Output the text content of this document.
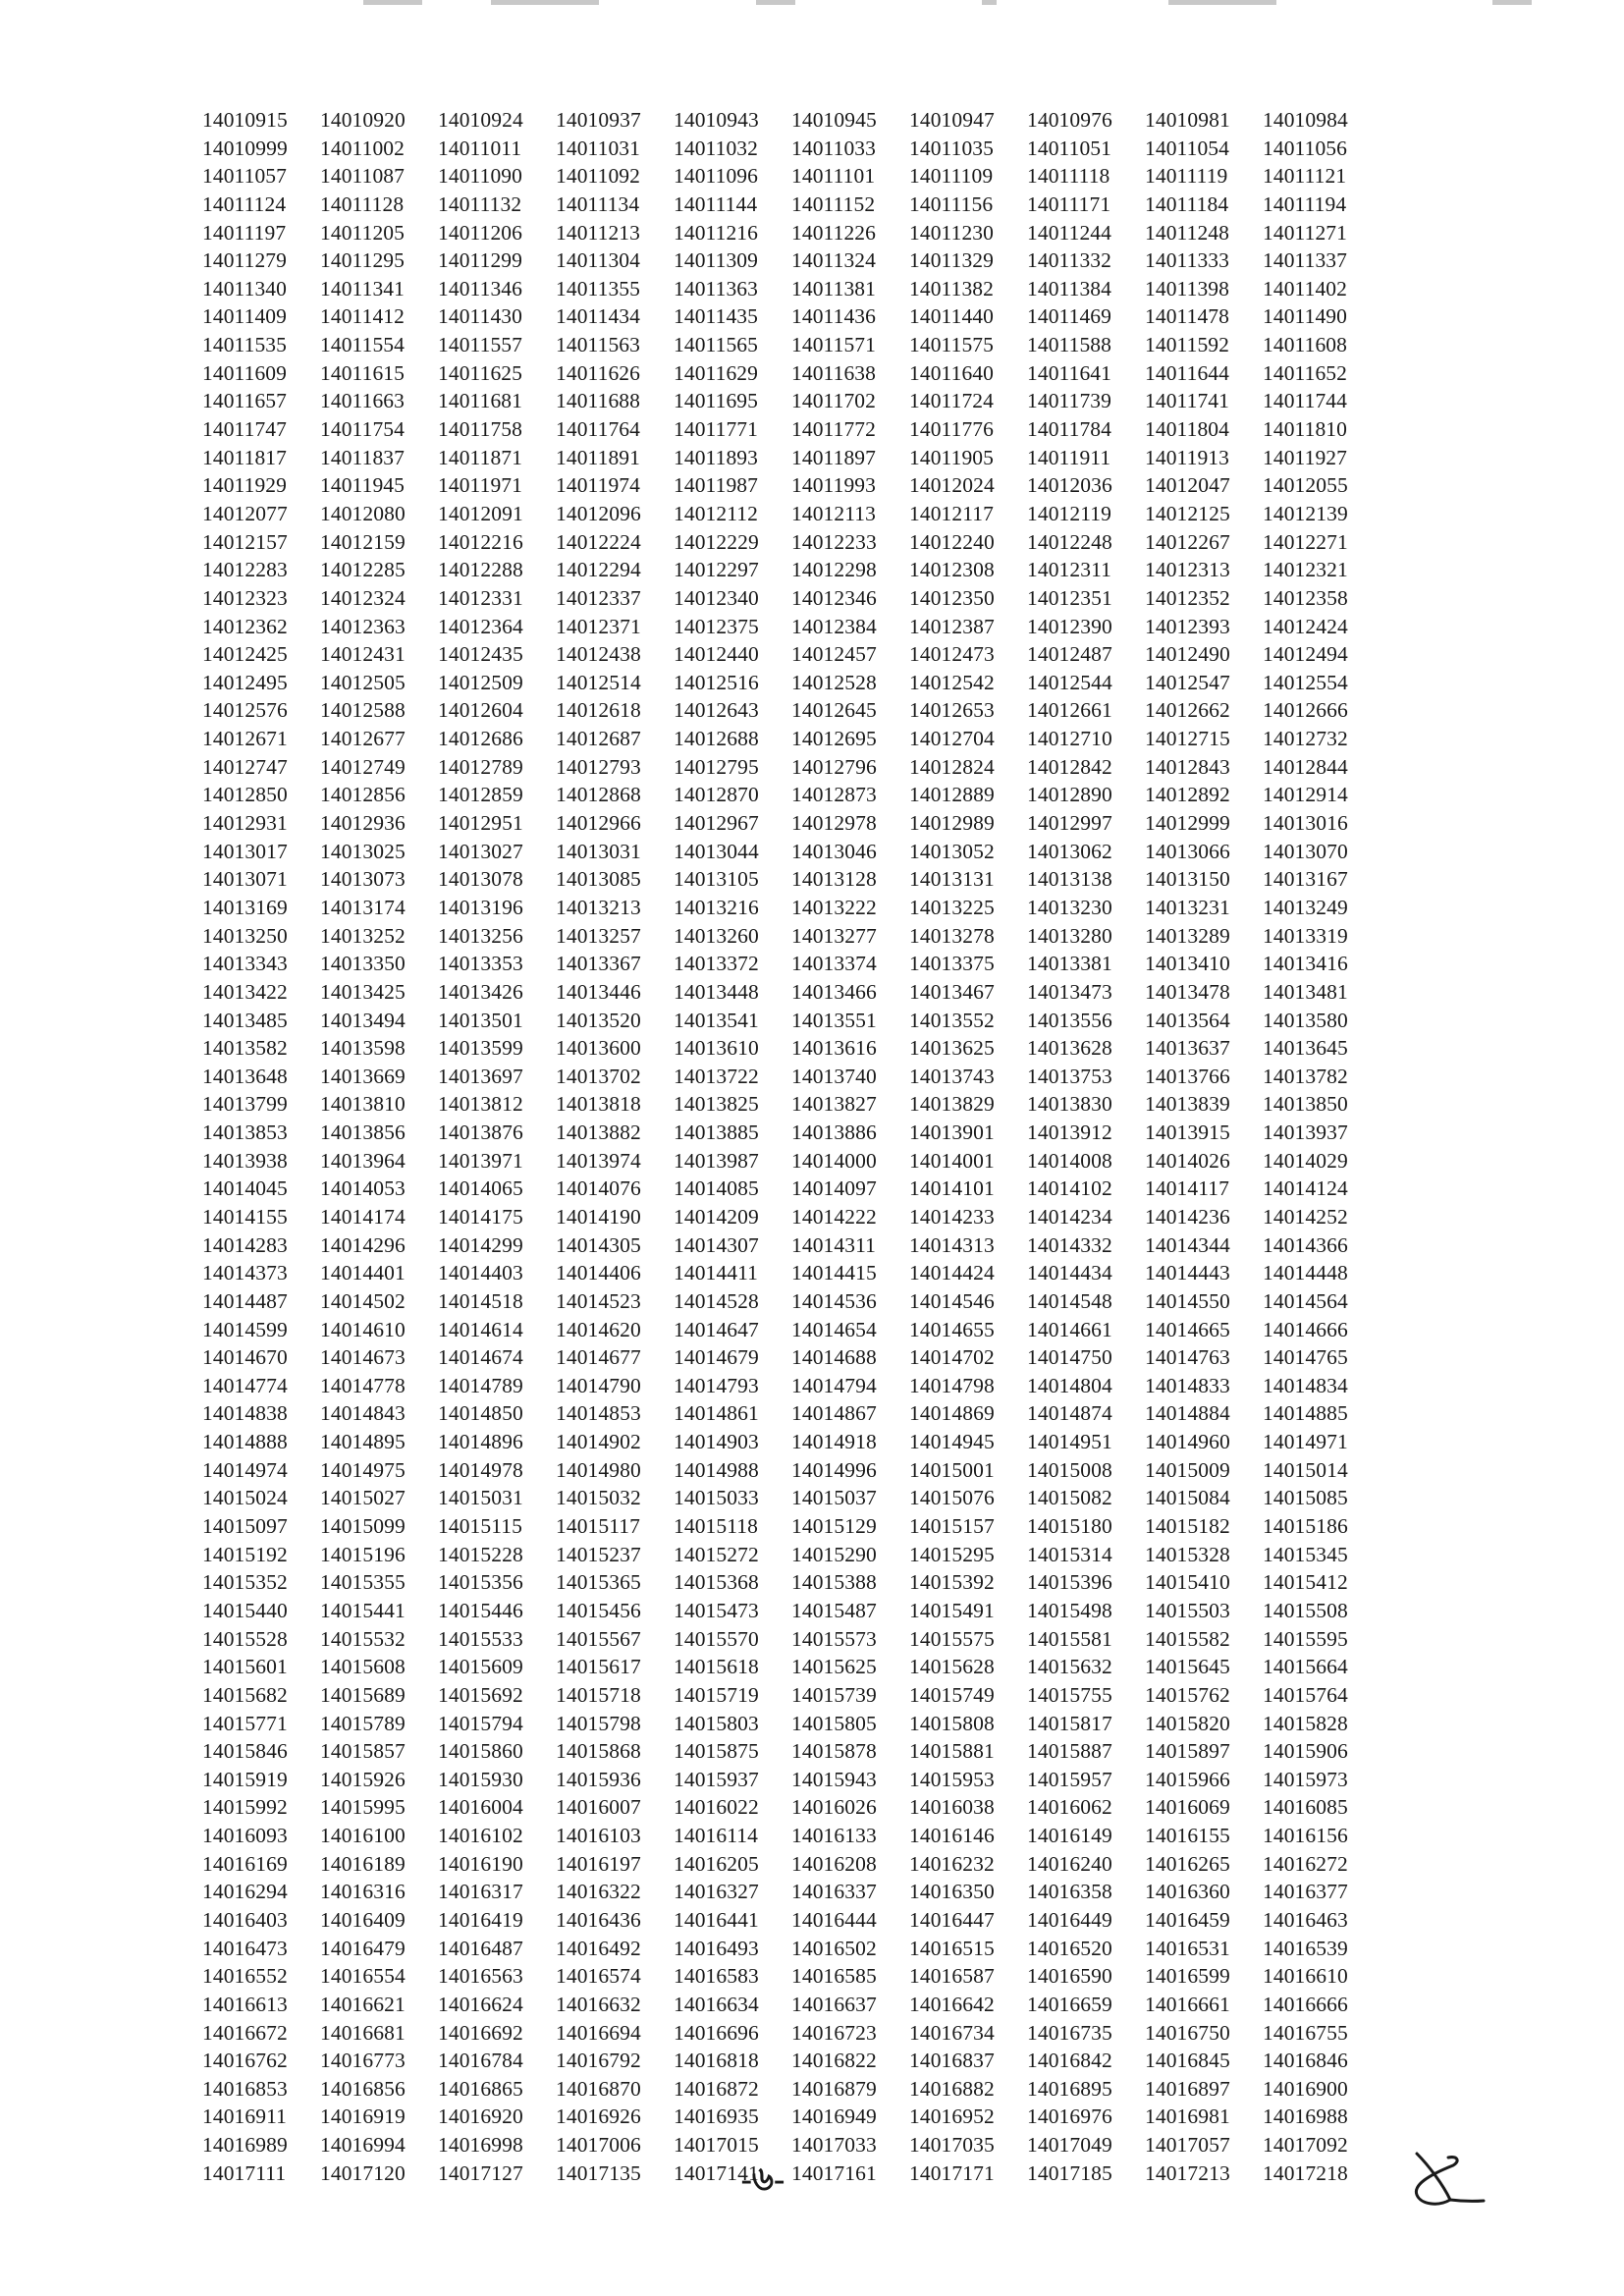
14010915	14010920	14010924	14010937	14010943	14010945	14010947	14010976	14010981	14010984
14010999	14011002	14011011	14011031	14011032	14011033	14011035	14011051	14011054	14011056
14011057	14011087	14011090	14011092	14011096	14011101	14011109	14011118	14011119	14011121
14011124	14011128	14011132	14011134	14011144	14011152	14011156	14011171	14011184	14011194
14011197	14011205	14011206	14011213	14011216	14011226	14011230	14011244	14011248	14011271
14011279	14011295	14011299	14011304	14011309	14011324	14011329	14011332	14011333	14011337
14011340	14011341	14011346	14011355	14011363	14011381	14011382	14011384	14011398	14011402
14011409	14011412	14011430	14011434	14011435	14011436	14011440	14011469	14011478	14011490
14011535	14011554	14011557	14011563	14011565	14011571	14011575	14011588	14011592	14011608
14011609	14011615	14011625	14011626	14011629	14011638	14011640	14011641	14011644	14011652
14011657	14011663	14011681	14011688	14011695	14011702	14011724	14011739	14011741	14011744
14011747	14011754	14011758	14011764	14011771	14011772	14011776	14011784	14011804	14011810
14011817	14011837	14011871	14011891	14011893	14011897	14011905	14011911	14011913	14011927
14011929	14011945	14011971	14011974	14011987	14011993	14012024	14012036	14012047	14012055
14012077	14012080	14012091	14012096	14012112	14012113	14012117	14012119	14012125	14012139
14012157	14012159	14012216	14012224	14012229	14012233	14012240	14012248	14012267	14012271
14012283	14012285	14012288	14012294	14012297	14012298	14012308	14012311	14012313	14012321
14012323	14012324	14012331	14012337	14012340	14012346	14012350	14012351	14012352	14012358
14012362	14012363	14012364	14012371	14012375	14012384	14012387	14012390	14012393	14012424
14012425	14012431	14012435	14012438	14012440	14012457	14012473	14012487	14012490	14012494
14012495	14012505	14012509	14012514	14012516	14012528	14012542	14012544	14012547	14012554
14012576	14012588	14012604	14012618	14012643	14012645	14012653	14012661	14012662	14012666
14012671	14012677	14012686	14012687	14012688	14012695	14012704	14012710	14012715	14012732
14012747	14012749	14012789	14012793	14012795	14012796	14012824	14012842	14012843	14012844
14012850	14012856	14012859	14012868	14012870	14012873	14012889	14012890	14012892	14012914
14012931	14012936	14012951	14012966	14012967	14012978	14012989	14012997	14012999	14013016
14013017	14013025	14013027	14013031	14013044	14013046	14013052	14013062	14013066	14013070
14013071	14013073	14013078	14013085	14013105	14013128	14013131	14013138	14013150	14013167
14013169	14013174	14013196	14013213	14013216	14013222	14013225	14013230	14013231	14013249
14013250	14013252	14013256	14013257	14013260	14013277	14013278	14013280	14013289	14013319
14013343	14013350	14013353	14013367	14013372	14013374	14013375	14013381	14013410	14013416
14013422	14013425	14013426	14013446	14013448	14013466	14013467	14013473	14013478	14013481
14013485	14013494	14013501	14013520	14013541	14013551	14013552	14013556	14013564	14013580
14013582	14013598	14013599	14013600	14013610	14013616	14013625	14013628	14013637	14013645
14013648	14013669	14013697	14013702	14013722	14013740	14013743	14013753	14013766	14013782
14013799	14013810	14013812	14013818	14013825	14013827	14013829	14013830	14013839	14013850
14013853	14013856	14013876	14013882	14013885	14013886	14013901	14013912	14013915	14013937
14013938	14013964	14013971	14013974	14013987	14014000	14014001	14014008	14014026	14014029
14014045	14014053	14014065	14014076	14014085	14014097	14014101	14014102	14014117	14014124
14014155	14014174	14014175	14014190	14014209	14014222	14014233	14014234	14014236	14014252
14014283	14014296	14014299	14014305	14014307	14014311	14014313	14014332	14014344	14014366
14014373	14014401	14014403	14014406	14014411	14014415	14014424	14014434	14014443	14014448
14014487	14014502	14014518	14014523	14014528	14014536	14014546	14014548	14014550	14014564
14014599	14014610	14014614	14014620	14014647	14014654	14014655	14014661	14014665	14014666
14014670	14014673	14014674	14014677	14014679	14014688	14014702	14014750	14014763	14014765
14014774	14014778	14014789	14014790	14014793	14014794	14014798	14014804	14014833	14014834
14014838	14014843	14014850	14014853	14014861	14014867	14014869	14014874	14014884	14014885
14014888	14014895	14014896	14014902	14014903	14014918	14014945	14014951	14014960	14014971
14014974	14014975	14014978	14014980	14014988	14014996	14015001	14015008	14015009	14015014
14015024	14015027	14015031	14015032	14015033	14015037	14015076	14015082	14015084	14015085
14015097	14015099	14015115	14015117	14015118	14015129	14015157	14015180	14015182	14015186
14015192	14015196	14015228	14015237	14015272	14015290	14015295	14015314	14015328	14015345
14015352	14015355	14015356	14015365	14015368	14015388	14015392	14015396	14015410	14015412
14015440	14015441	14015446	14015456	14015473	14015487	14015491	14015498	14015503	14015508
14015528	14015532	14015533	14015567	14015570	14015573	14015575	14015581	14015582	14015595
14015601	14015608	14015609	14015617	14015618	14015625	14015628	14015632	14015645	14015664
14015682	14015689	14015692	14015718	14015719	14015739	14015749	14015755	14015762	14015764
14015771	14015789	14015794	14015798	14015803	14015805	14015808	14015817	14015820	14015828
14015846	14015857	14015860	14015868	14015875	14015878	14015881	14015887	14015897	14015906
14015919	14015926	14015930	14015936	14015937	14015943	14015953	14015957	14015966	14015973
14015992	14015995	14016004	14016007	14016022	14016026	14016038	14016062	14016069	14016085
14016093	14016100	14016102	14016103	14016114	14016133	14016146	14016149	14016155	14016156
14016169	14016189	14016190	14016197	14016205	14016208	14016232	14016240	14016265	14016272
14016294	14016316	14016317	14016322	14016327	14016337	14016350	14016358	14016360	14016377
14016403	14016409	14016419	14016436	14016441	14016444	14016447	14016449	14016459	14016463
14016473	14016479	14016487	14016492	14016493	14016502	14016515	14016520	14016531	14016539
14016552	14016554	14016563	14016574	14016583	14016585	14016587	14016590	14016599	14016610
14016613	14016621	14016624	14016632	14016634	14016637	14016642	14016659	14016661	14016666
14016672	14016681	14016692	14016694	14016696	14016723	14016734	14016735	14016750	14016755
14016762	14016773	14016784	14016792	14016818	14016822	14016837	14016842	14016845	14016846
14016853	14016856	14016865	14016870	14016872	14016879	14016882	14016895	14016897	14016900
14016911	14016919	14016920	14016926	14016935	14016949	14016952	14016976	14016981	14016988
14016989	14016994	14016998	14017006	14017015	14017033	14017035	14017049	14017057	14017092
14017111	14017120	14017127	14017135	14017141	14017161	14017171	14017185	14017213	14017218
-৬-
